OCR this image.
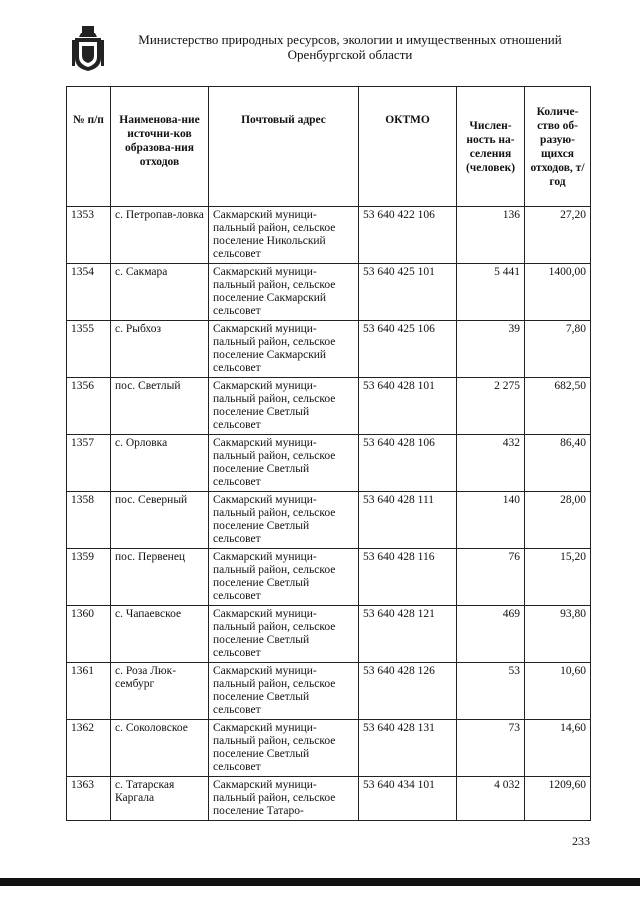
Министерство природных ресурсов, экологии и имущественных отношений
Оренбургской области
№ п/п	Наименова-ние источни-ков образова-ния отходов	Почтовый адрес	ОКТМО	Числен-ность на-селения (человек)	Количе-ство об-разую-щихся отходов, т/год
1353	с. Петропав-ловка	Сакмарский муници-пальный район, сельское поселение Никольский сельсовет	53 640 422 106	136	27,20
1354	с. Сакмара	Сакмарский муници-пальный район, сельское поселение Сакмарский сельсовет	53 640 425 101	5 441	1400,00
1355	с. Рыбхоз	Сакмарский муници-пальный район, сельское поселение Сакмарский сельсовет	53 640 425 106	39	7,80
1356	пос. Светлый	Сакмарский муници-пальный район, сельское поселение Светлый сельсовет	53 640 428 101	2 275	682,50
1357	с. Орловка	Сакмарский муници-пальный район, сельское поселение Светлый сельсовет	53 640 428 106	432	86,40
1358	пос. Северный	Сакмарский муници-пальный район, сельское поселение Светлый сельсовет	53 640 428 111	140	28,00
1359	пос. Первенец	Сакмарский муници-пальный район, сельское поселение Светлый сельсовет	53 640 428 116	76	15,20
1360	с. Чапаевское	Сакмарский муници-пальный район, сельское поселение Светлый сельсовет	53 640 428 121	469	93,80
1361	с. Роза Люк-сембург	Сакмарский муници-пальный район, сельское поселение Светлый сельсовет	53 640 428 126	53	10,60
1362	с. Соколовское	Сакмарский муници-пальный район, сельское поселение Светлый сельсовет	53 640 428 131	73	14,60
1363	с. Татарская Каргала	Сакмарский муници-пальный район, сельское поселение Татаро-	53 640 434 101	4 032	1209,60
233
